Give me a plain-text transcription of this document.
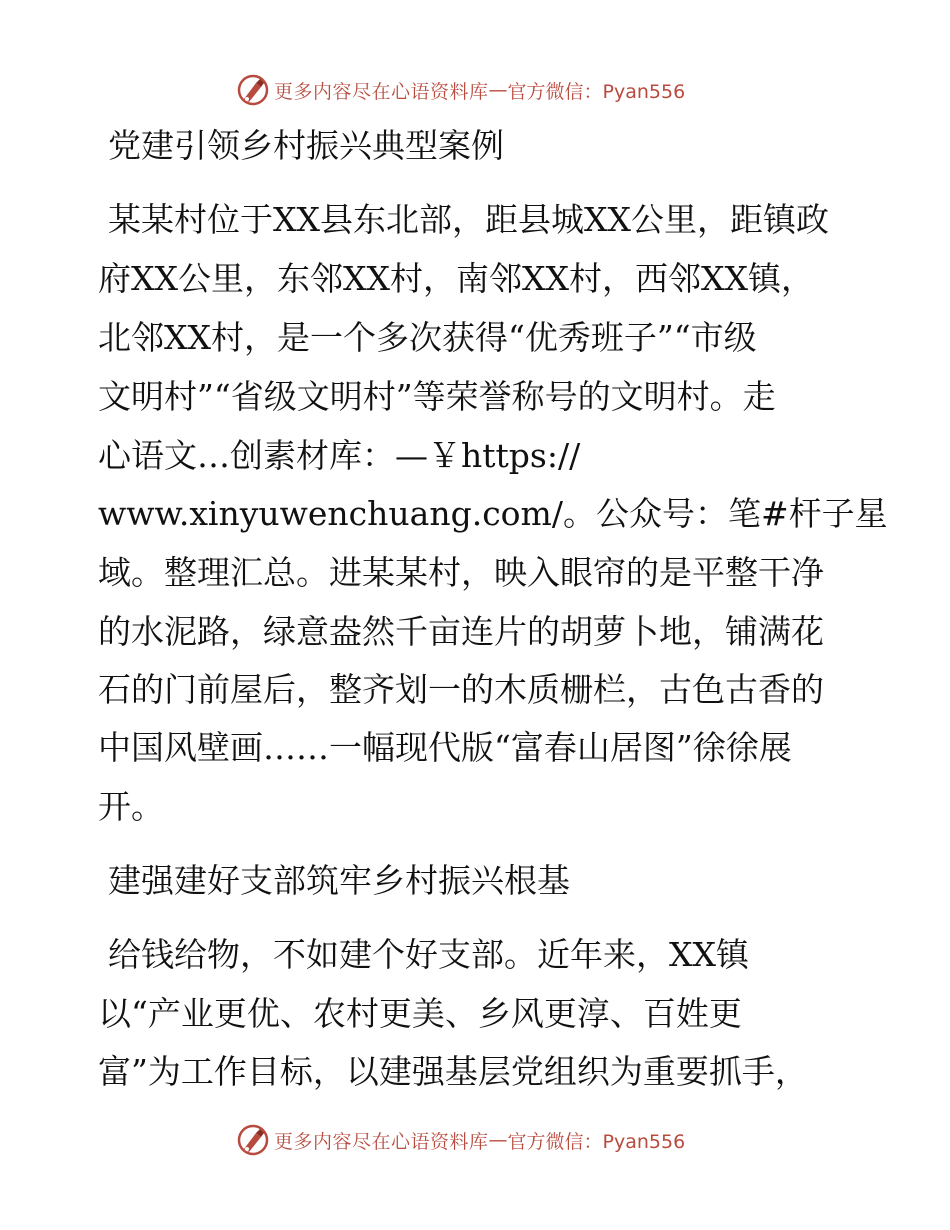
更多内容尽在心语资料库 — 官方微信：Pyan556
党建引领乡村振兴典型案例
某某村位于XX县东北部，距县城XX公里，距镇政
府XX公里，东邻XX村，南邻XX村，西邻XX镇，
北邻XX村，是一个多次获得“优秀班子”“市级
文明村”“省级文明村”等荣誉称号的文明村。走
心语文…创素材库：—￥https://
www.xinyuwenchuang.com/。公众号：笔#杆子星
域。整理汇总。进某某村，映入眼帘的是平整干净
的水泥路，绿意盎然千亩连片的胡萝卜地，铺满花
石的门前屋后，整齐划一的木质栅栏，古色古香的
中国风壁画……一幅现代版“富春山居图”徐徐展
开。
建强建好支部筑牢乡村振兴根基
给钱给物，不如建个好支部。近年来，XX镇
以“产业更优、农村更美、乡风更淳、百姓更
富”为工作目标，以建强基层党组织为重要抓手，
更多内容尽在心语资料库 — 官方微信：Pyan556
